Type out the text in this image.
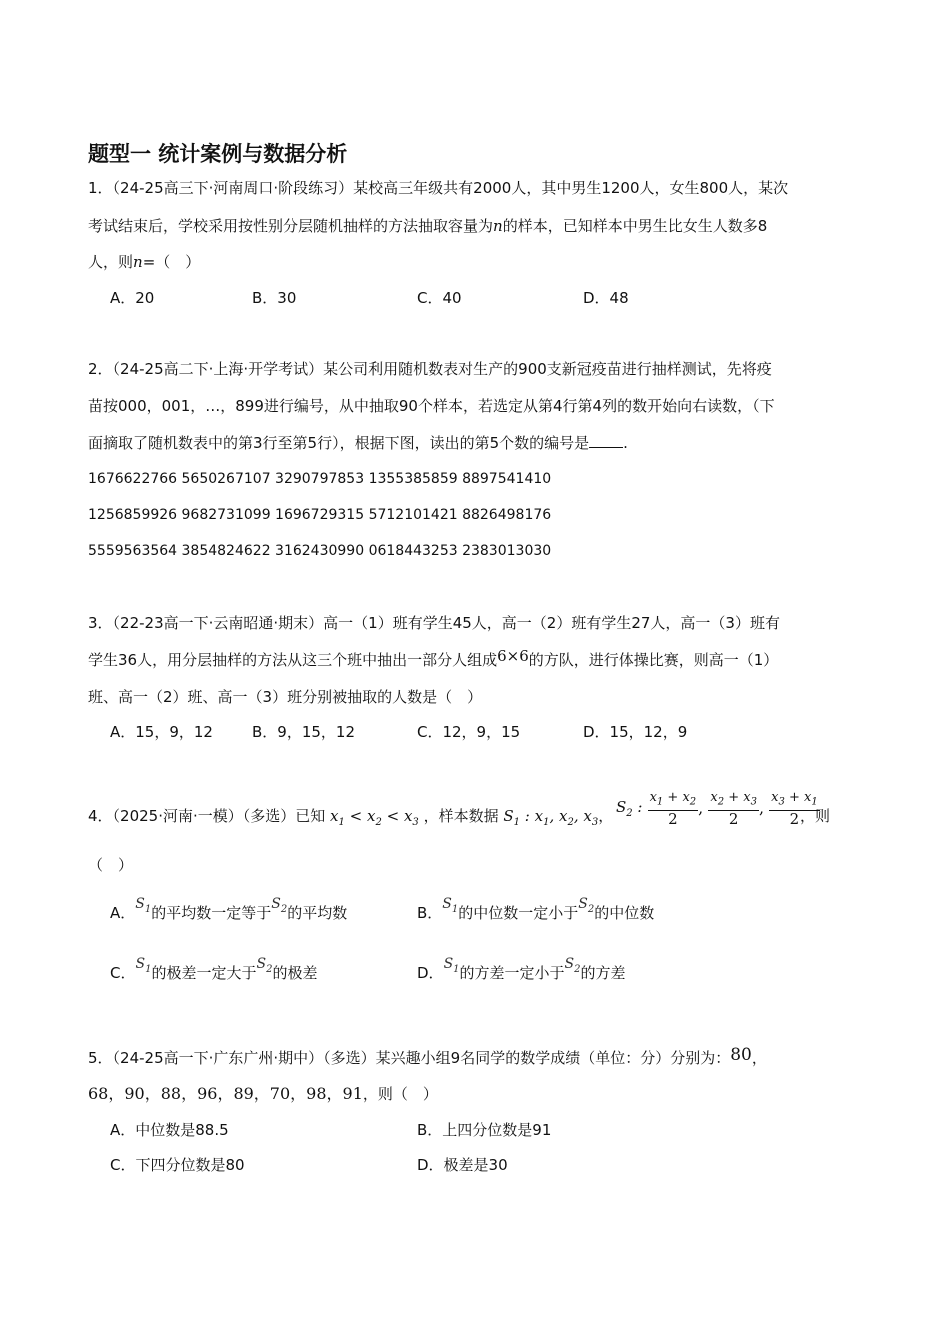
题型一 统计案例与数据分析
1．（24-25高三下·河南周口·阶段练习）某校高三年级共有2000人，其中男生1200人，女生800人，某次
考试结束后，学校采用按性别分层随机抽样的方法抽取容量为n的样本，已知样本中男生比女生人数多8
人，则n=（　）
A．20	B．30	C．40	D．48
2．（24-25高二下·上海·开学考试）某公司利用随机数表对生产的900支新冠疫苗进行抽样测试，先将疫
苗按000，001，…，899进行编号，从中抽取90个样本，若选定从第4行第4列的数开始向右读数，（下
面摘取了随机数表中的第3行至第5行），根据下图，读出的第5个数的编号是 .
1676622766 5650267107 3290797853 1355385859 8897541410
1256859926 9682731099 1696729315 5712101421 8826498176
5559563564 3854824622 3162430990 0618443253 2383013030
3．（22-23高一下·云南昭通·期末）高一（1）班有学生45人，高一（2）班有学生27人，高一（3）班有
学生36人，用分层抽样的方法从这三个班中抽出一部分人组成6×6的方队，进行体操比赛，则高一（1）
班、高一（2）班、高一（3）班分别被抽取的人数是（　）
A．15，9，12	B．9，15，12	C．12，9，15	D．15，12，9
4．（2025·河南·一模）（多选）已知 $x_1 < x_2 < x_3$ ，样本数据 $S_1$ : $x_1$, $x_2$, $x_3$， $S_2$ : $\frac{x_1 + x_2}{2}$ , $\frac{x_2 + x_3}{2}$ , $\frac{x_3 + x_1}{2}$
，则
（　）
A．$S_1$的平均数一定等于$S_2$的平均数	B．$S_1$的中位数一定小于$S_2$的中位数
C．$S_1$的极差一定大于$S_2$的极差	D．$S_1$的方差一定小于$S_2$的方差
5．（24-25高一下·广东广州·期中）（多选）某兴趣小组9名同学的数学成绩（单位：分）分别为：80，
68，90，88，96，89，70，98，91，则（　）
A．中位数是88.5	B．上四分位数是91
C．下四分位数是80	D．极差是30
